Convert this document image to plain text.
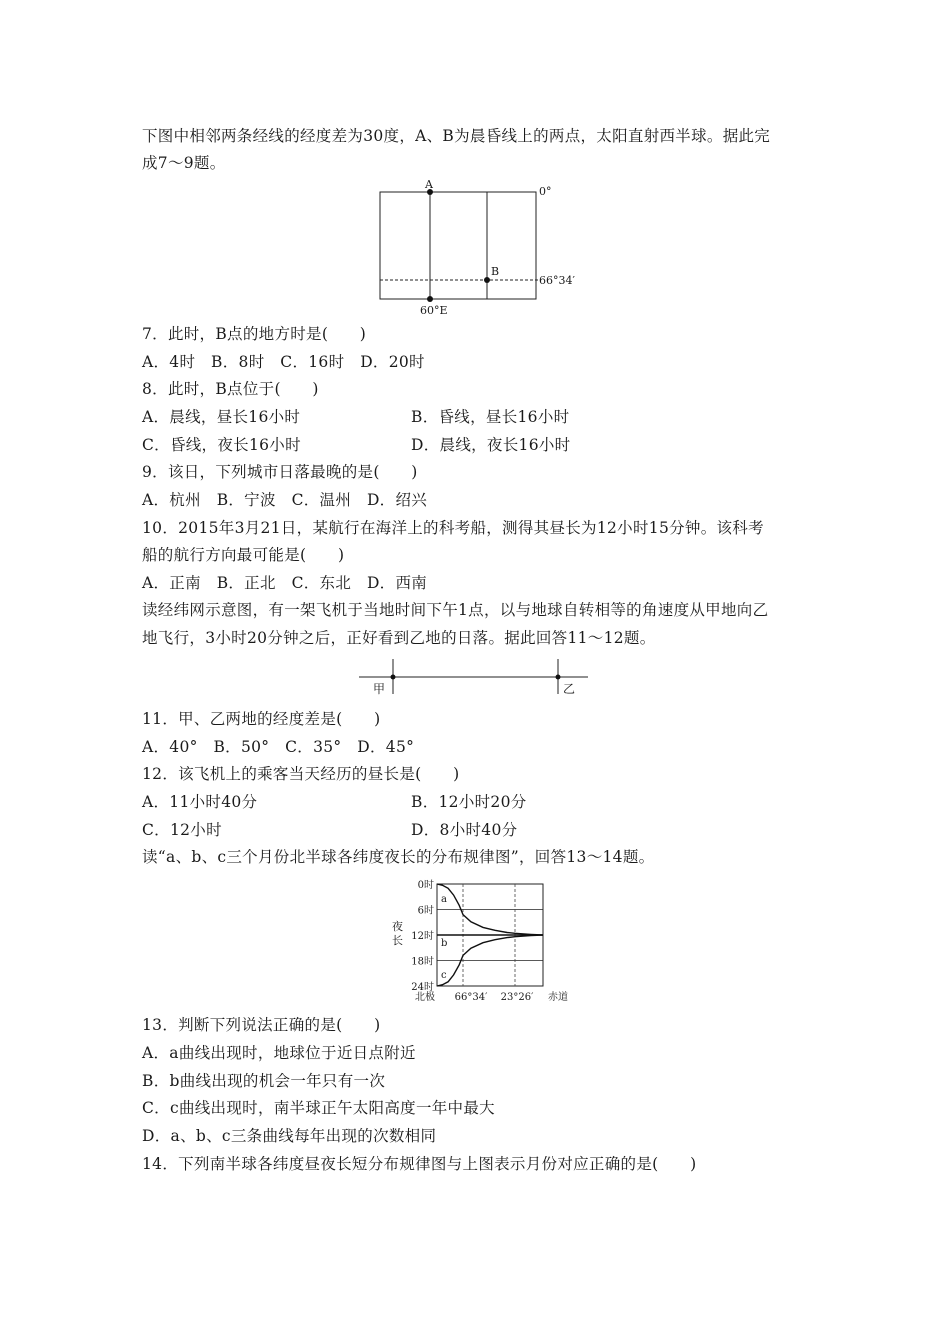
下图中相邻两条经线的经度差为30度，A、B为晨昏线上的两点，太阳直射西半球。据此完
成7～9题。
A
B
0°
66°34′
60°E
7．此时，B点的地方时是(　　)
A．4时　B．8时　C．16时　D．20时
8．此时，B点位于(　　)
A．晨线，昼长16小时	B．昏线，昼长16小时
C．昏线，夜长16小时	D．晨线，夜长16小时
9．该日，下列城市日落最晚的是(　　)
A．杭州　B．宁波　C．温州　D．绍兴
10．2015年3月21日，某航行在海洋上的科考船，测得其昼长为12小时15分钟。该科考
船的航行方向最可能是(　　)
A．正南　B．正北　C．东北　D．西南
读经纬网示意图，有一架飞机于当地时间下午1点，以与地球自转相等的角速度从甲地向乙
地飞行，3小时20分钟之后，正好看到乙地的日落。据此回答11～12题。
甲	乙
11．甲、乙两地的经度差是(　　)
A．40°　B．50°　C．35°　D．45°
12．该飞机上的乘客当天经历的昼长是(　　)
A．11小时40分	B．12小时20分
C．12小时	D．8小时40分
读“a、b、c三个月份北半球各纬度夜长的分布规律图”，回答13～14题。
0时
6时
12时
18时
24时
北极 66°34′ 23°26′ 赤道
夜
长
a
b
c
13．判断下列说法正确的是(　　)
A．a曲线出现时，地球位于近日点附近
B．b曲线出现的机会一年只有一次
C．c曲线出现时，南半球正午太阳高度一年中最大
D．a、b、c三条曲线每年出现的次数相同
14．下列南半球各纬度昼夜长短分布规律图与上图表示月份对应正确的是(　　)
